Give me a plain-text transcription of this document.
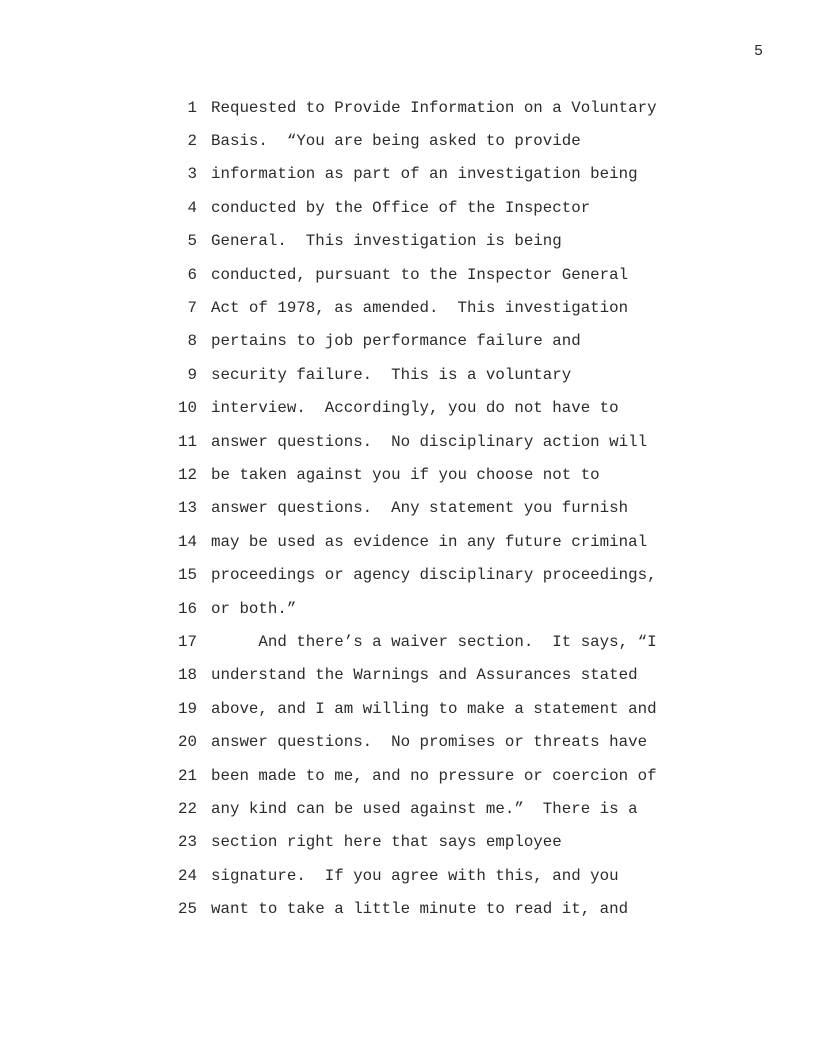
5
1 Requested to Provide Information on a Voluntary
2 Basis.  “You are being asked to provide
3 information as part of an investigation being
4 conducted by the Office of the Inspector
5 General.  This investigation is being
6 conducted, pursuant to the Inspector General
7 Act of 1978, as amended.  This investigation
8 pertains to job performance failure and
9 security failure.  This is a voluntary
10 interview.  Accordingly, you do not have to
11 answer questions.  No disciplinary action will
12 be taken against you if you choose not to
13 answer questions.  Any statement you furnish
14 may be used as evidence in any future criminal
15 proceedings or agency disciplinary proceedings,
16 or both.”
17 And there’s a waiver section.  It says, “I
18 understand the Warnings and Assurances stated
19 above, and I am willing to make a statement and
20 answer questions.  No promises or threats have
21 been made to me, and no pressure or coercion of
22 any kind can be used against me.”  There is a
23 section right here that says employee
24 signature.  If you agree with this, and you
25 want to take a little minute to read it, and
